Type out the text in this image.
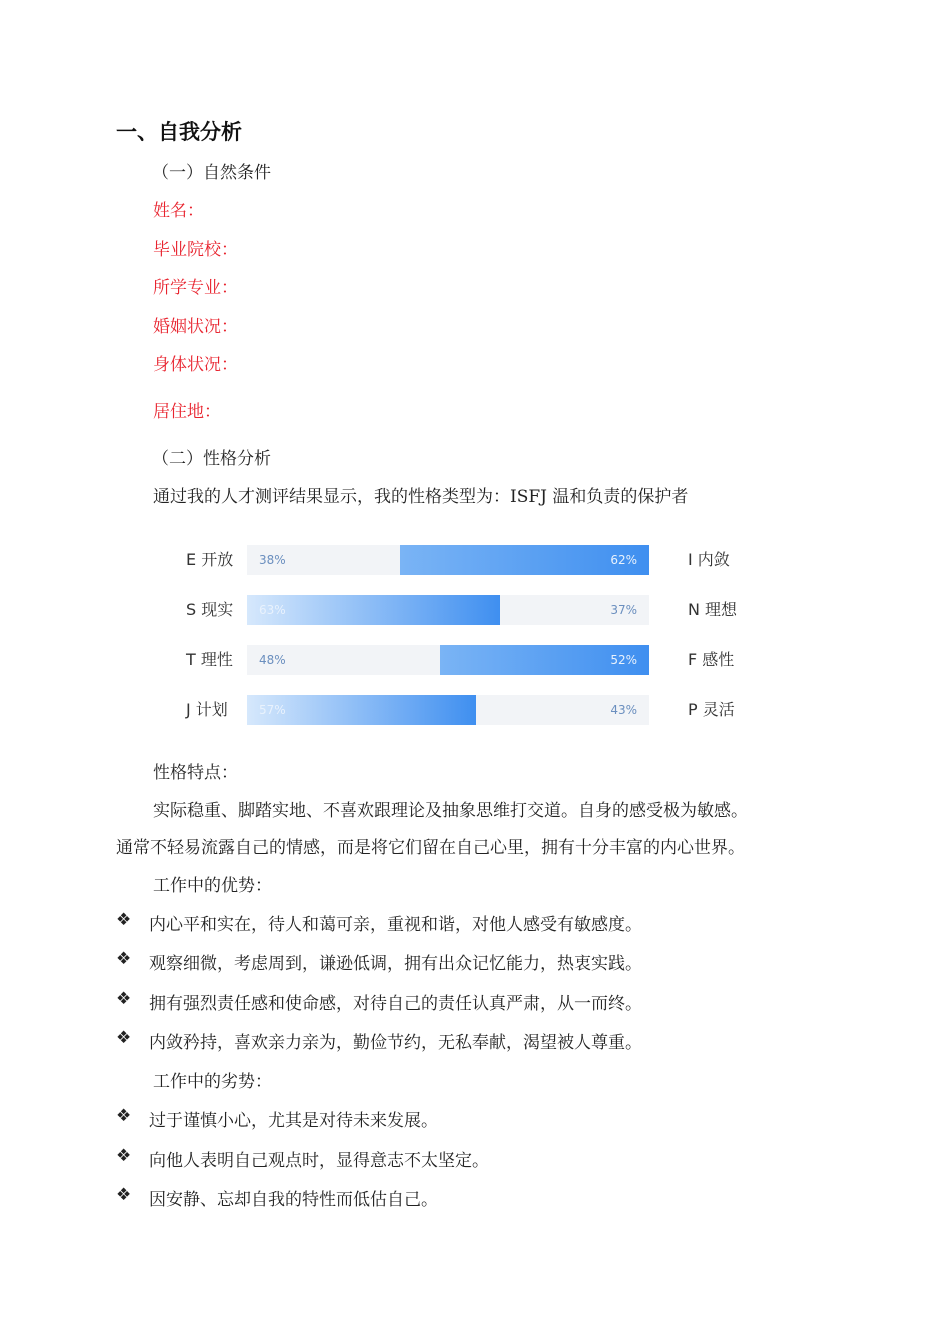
一、自我分析
（一）自然条件
姓名：
毕业院校：
所学专业：
婚姻状况：
身体状况：
居住地：
（二）性格分析
通过我的人才测评结果显示，我的性格类型为：ISFJ 温和负责的保护者
E 开放 38%	62%	I 内敛
S 现实 63%	37%	N 理想
T 理性 48%	52%	F 感性
J 计划	57%	43%	P 灵活
性格特点：
实际稳重、脚踏实地、不喜欢跟理论及抽象思维打交道。自身的感受极为敏感。
通常不轻易流露自己的情感，而是将它们留在自己心里，拥有十分丰富的内心世界。
工作中的优势：
❖ 内心平和实在，待人和蔼可亲，重视和谐，对他人感受有敏感度。
❖ 观察细微，考虑周到，谦逊低调，拥有出众记忆能力，热衷实践。
❖ 拥有强烈责任感和使命感，对待自己的责任认真严肃，从一而终。
❖ 内敛矜持，喜欢亲力亲为，勤俭节约，无私奉献，渴望被人尊重。
工作中的劣势：
❖ 过于谨慎小心，尤其是对待未来发展。
❖ 向他人表明自己观点时，显得意志不太坚定。
❖ 因安静、忘却自我的特性而低估自己。
